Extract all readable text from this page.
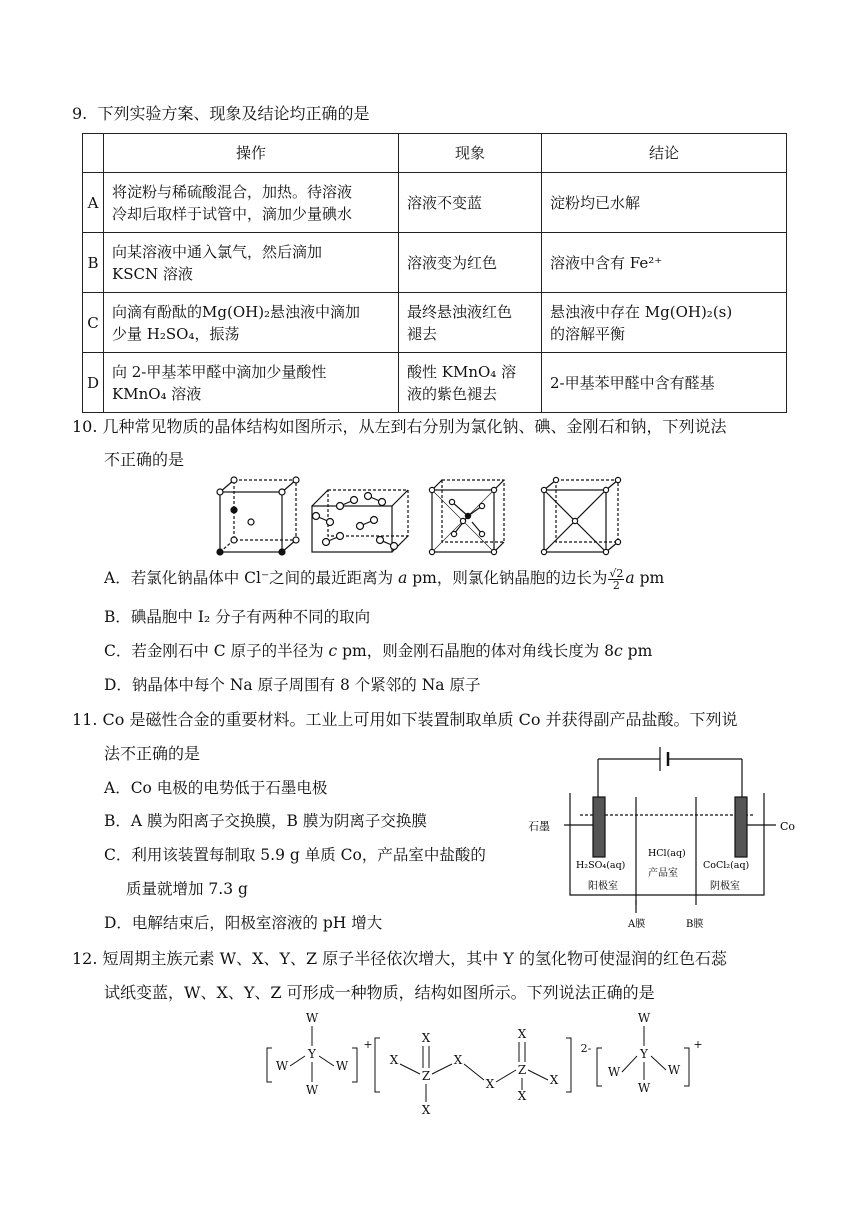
9.  下列实验方案、现象及结论均正确的是
	操作	现象	结论
A	将淀粉与稀硫酸混合，加热。待溶液
冷却后取样于试管中，滴加少量碘水	溶液不变蓝	淀粉均已水解
B	向某溶液中通入氯气，然后滴加
KSCN 溶液	溶液变为红色	溶液中含有 Fe²⁺
C	向滴有酚酞的Mg(OH)₂悬浊液中滴加
少量 H₂SO₄，振荡	最终悬浊液红色
褪去	悬浊液中存在 Mg(OH)₂(s)
的溶解平衡
D	向 2-甲基苯甲醛中滴加少量酸性
KMnO₄ 溶液	酸性 KMnO₄ 溶
液的紫色褪去	2-甲基苯甲醛中含有醛基
10. 几种常见物质的晶体结构如图所示，从左到右分别为氯化钠、碘、金刚石和钠，下列说法
不正确的是
A．若氯化钠晶体中 Cl⁻之间的最近距离为 a pm，则氯化钠晶胞的边长为 $\frac{√2}{2}$ a pm
B．碘晶胞中 I₂ 分子有两种不同的取向
C．若金刚石中 C 原子的半径为 c pm，则金刚石晶胞的体对角线长度为 8c pm
D．钠晶体中每个 Na 原子周围有 8 个紧邻的 Na 原子
11. Co 是磁性合金的重要材料。工业上可用如下装置制取单质 Co 并获得副产品盐酸。下列说
法不正确的是
A．Co 电极的电势低于石墨电极
B．A 膜为阳离子交换膜，B 膜为阴离子交换膜
C．利用该装置每制取 5.9 g 单质 Co，产品室中盐酸的
质量就增加 7.3 g
D．电解结束后，阳极室溶液的 pH 增大
石墨	Co
H₂SO₄(aq)
HCl(aq)
CoCl₂(aq)
阳极室
产品室
阴极室
A膜	B膜
12. 短周期主族元素 W、X、Y、Z 原子半径依次增大，其中 Y 的氢化物可使湿润的红色石蕊
试纸变蓝，W、X、Y、Z 可形成一种物质，结构如图所示。下列说法正确的是
W
W
Y
W
W
+
X
X
Z
X
X
X
X
Z
X
X
2-
W
W
Y
W
W
+
